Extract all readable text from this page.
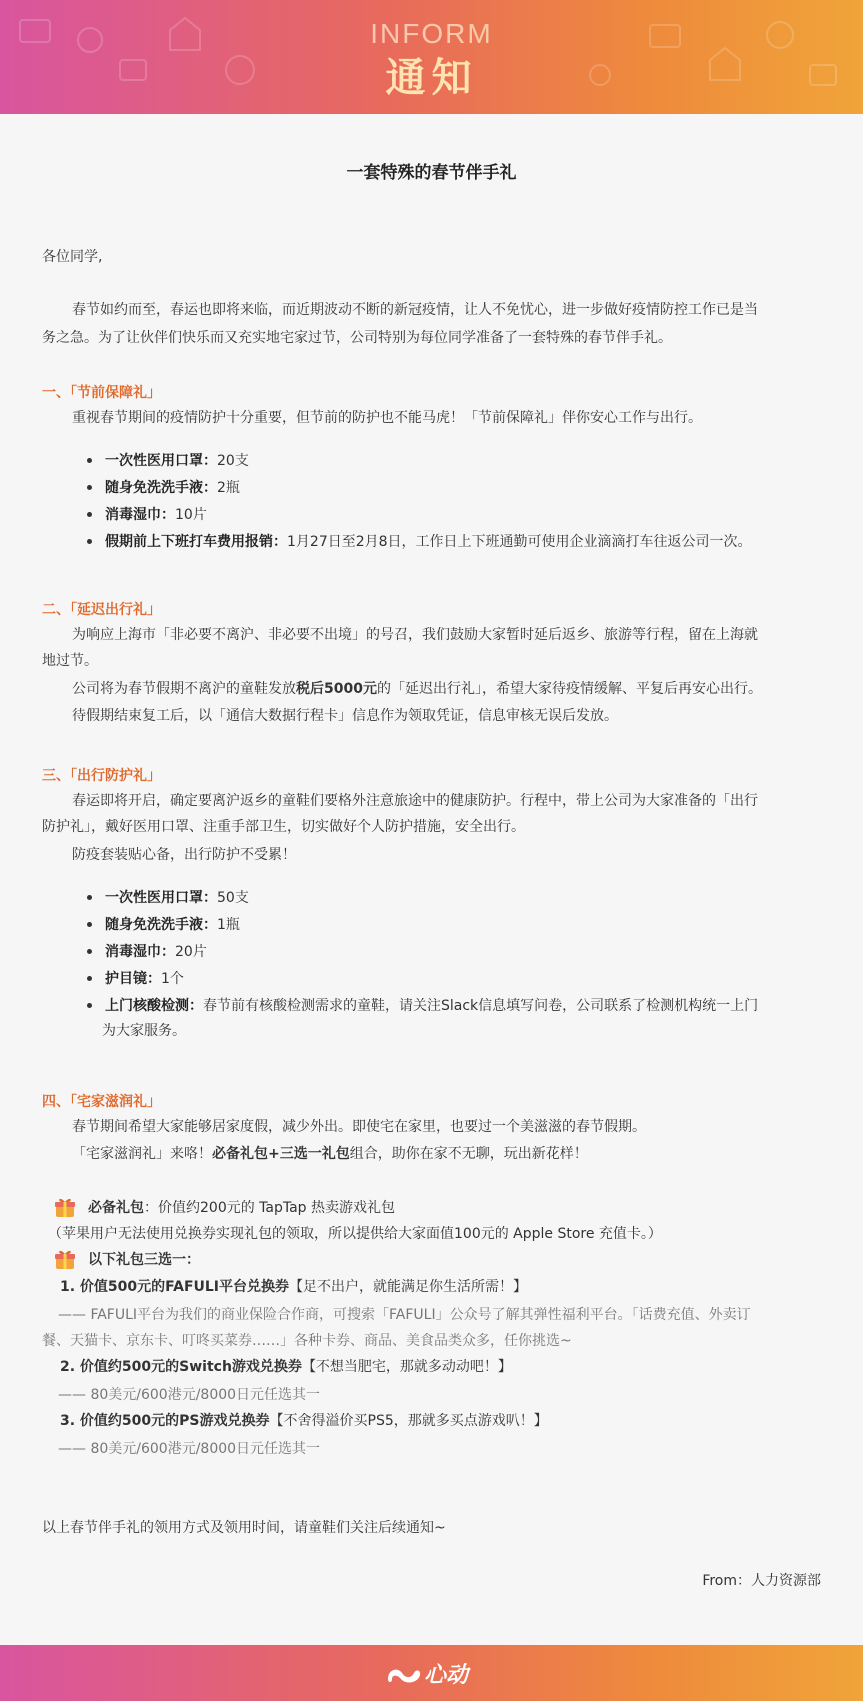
INFORM
通知
一套特殊的春节伴手礼
各位同学,
春节如约而至，春运也即将来临，而近期波动不断的新冠疫情，让人不免忧心，进一步做好疫情防控工作已是当
务之急。为了让伙伴们快乐而又充实地宅家过节，公司特别为每位同学准备了一套特殊的春节伴手礼。
一、「节前保障礼」
重视春节期间的疫情防护十分重要，但节前的防护也不能马虎！「节前保障礼」伴你安心工作与出行。
一次性医用口罩：20支
随身免洗洗手液：2瓶
消毒湿巾：10片
假期前上下班打车费用报销：1月27日至2月8日，工作日上下班通勤可使用企业滴滴打车往返公司一次。
二、「延迟出行礼」
为响应上海市「非必要不离沪、非必要不出境」的号召，我们鼓励大家暂时延后返乡、旅游等行程，留在上海就
地过节。
公司将为春节假期不离沪的童鞋发放税后5000元的「延迟出行礼」，希望大家待疫情缓解、平复后再安心出行。
待假期结束复工后，以「通信大数据行程卡」信息作为领取凭证，信息审核无误后发放。
三、「出行防护礼」
春运即将开启，确定要离沪返乡的童鞋们要格外注意旅途中的健康防护。行程中，带上公司为大家准备的「出行
防护礼」，戴好医用口罩、注重手部卫生，切实做好个人防护措施，安全出行。
防疫套装贴心备，出行防护不受累！
一次性医用口罩：50支
随身免洗洗手液：1瓶
消毒湿巾：20片
护目镜：1个
上门核酸检测：春节前有核酸检测需求的童鞋，请关注Slack信息填写问卷，公司联系了检测机构统一上门
为大家服务。
四、「宅家滋润礼」
春节期间希望大家能够居家度假，减少外出。即使宅在家里，也要过一个美滋滋的春节假期。
「宅家滋润礼」来咯！必备礼包+三选一礼包组合，助你在家不无聊，玩出新花样！
必备礼包：价值约200元的 TapTap 热卖游戏礼包
（苹果用户无法使用兑换券实现礼包的领取，所以提供给大家面值100元的 Apple Store 充值卡。）
以下礼包三选一：
1. 价值500元的FAFULI平台兑换券【足不出户，就能满足你生活所需！】
—— FAFULI平台为我们的商业保险合作商，可搜索「FAFULI」公众号了解其弹性福利平台。「话费充值、外卖订
餐、天猫卡、京东卡、叮咚买菜券……」各种卡券、商品、美食品类众多，任你挑选~
2. 价值约500元的Switch游戏兑换券【不想当肥宅，那就多动动吧！】
—— 80美元/600港元/8000日元任选其一
3. 价值约500元的PS游戏兑换券【不舍得溢价买PS5，那就多买点游戏叭！】
—— 80美元/600港元/8000日元任选其一
以上春节伴手礼的领用方式及领用时间，请童鞋们关注后续通知~
From：人力资源部
心动
